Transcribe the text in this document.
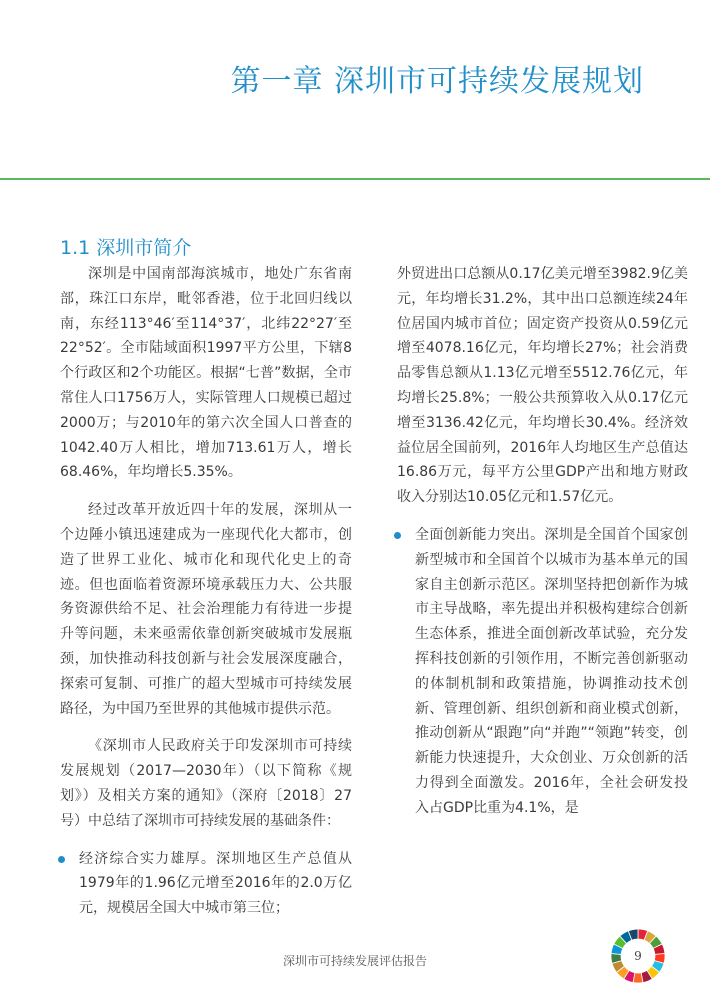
第一章 深圳市可持续发展规划
1.1 深圳市简介

深圳是中国南部海滨城市，地处广东省南部，珠江口东岸，毗邻香港，位于北回归线以南，东经113°46′至114°37′，北纬22°27′至22°52′。全市陆域面积1997平方公里，下辖8个行政区和2个功能区。根据“七普”数据，全市常住人口1756万人，实际管理人口规模已超过2000万；与2010年的第六次全国人口普查的1042.40万人相比，增加713.61万人，增长68.46%，年均增长5.35%。

经过改革开放近四十年的发展，深圳从一个边陲小镇迅速建成为一座现代化大都市，创造了世界工业化、城市化和现代化史上的奇迹。但也面临着资源环境承载压力大、公共服务资源供给不足、社会治理能力有待进一步提升等问题，未来亟需依靠创新突破城市发展瓶颈，加快推动科技创新与社会发展深度融合，探索可复制、可推广的超大型城市可持续发展路径，为中国乃至世界的其他城市提供示范。

《深圳市人民政府关于印发深圳市可持续发展规划（2017—2030年）（以下简称《规划》）及相关方案的通知》（深府〔2018〕27号）中总结了深圳市可持续发展的基础条件：

经济综合实力雄厚。深圳地区生产总值从1979年的1.96亿元增至2016年的2.0万亿元，规模居全国大中城市第三位；
外贸进出口总额从0.17亿美元增至3982.9亿美元，年均增长31.2%，其中出口总额连续24年位居国内城市首位；固定资产投资从0.59亿元增至4078.16亿元，年均增长27%；社会消费品零售总额从1.13亿元增至5512.76亿元，年均增长25.8%；一般公共预算收入从0.17亿元增至3136.42亿元，年均增长30.4%。经济效益位居全国前列，2016年人均地区生产总值达16.86万元，每平方公里GDP产出和地方财政收入分别达10.05亿元和1.57亿元。
全面创新能力突出。深圳是全国首个国家创新型城市和全国首个以城市为基本单元的国家自主创新示范区。深圳坚持把创新作为城市主导战略，率先提出并积极构建综合创新生态体系，推进全面创新改革试验，充分发挥科技创新的引领作用，不断完善创新驱动的体制机制和政策措施，协调推动技术创新、管理创新、组织创新和商业模式创新，推动创新从“跟跑”向“并跑”“领跑”转变，创新能力快速提升，大众创业、万众创新的活力得到全面激发。2016年，全社会研发投入占GDP比重为4.1%，是
深圳市可持续发展评估报告	9
